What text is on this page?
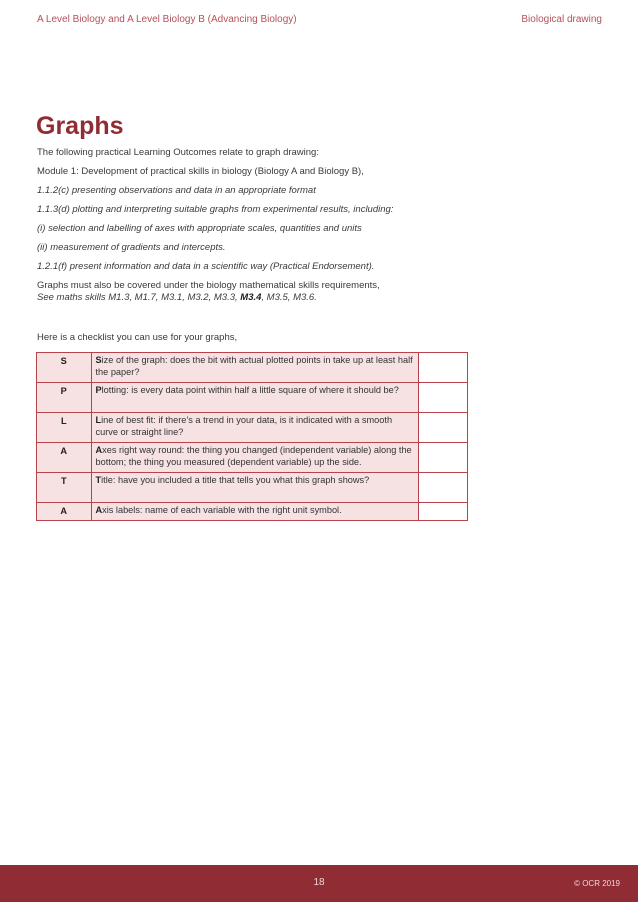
A Level Biology and A Level Biology B (Advancing Biology)	Biological drawing
Graphs

The following practical Learning Outcomes relate to graph drawing:

Module 1: Development of practical skills in biology (Biology A and Biology B),

1.1.2(c) presenting observations and data in an appropriate format

1.1.3(d) plotting and interpreting suitable graphs from experimental results, including:

(i) selection and labelling of axes with appropriate scales, quantities and units

(ii) measurement of gradients and intercepts.

1.2.1(f) present information and data in a scientific way (Practical Endorsement).

Graphs must also be covered under the biology mathematical skills requirements,

See maths skills M1.3, M1.7, M3.1, M3.2, M3.3, M3.4, M3.5, M3.6.

Here is a checklist you can use for your graphs,
S	Size of the graph: does the bit with actual plotted points in take up at least half the paper?	
P	Plotting: is every data point within half a little square of where it should be?	
L	Line of best fit: if there’s a trend in your data, is it indicated with a smooth curve or straight line?	
A	Axes right way round: the thing you changed (independent variable) along the bottom; the thing you measured (dependent variable) up the side.	
T	Title: have you included a title that tells you what this graph shows?	
A	Axis labels: name of each variable with the right unit symbol.	
18	© OCR 2019
